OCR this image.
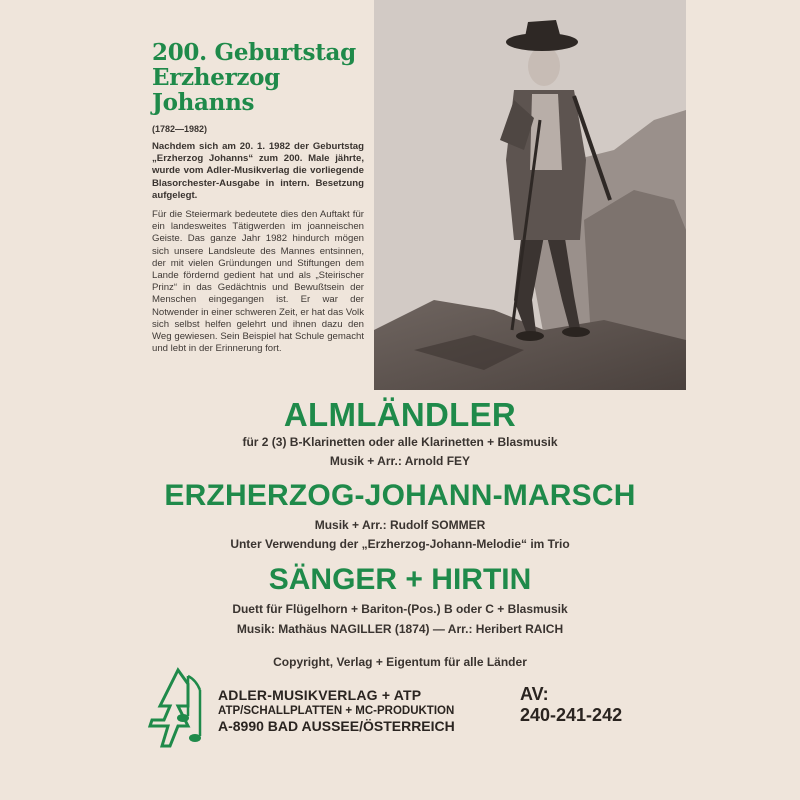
200. Geburtstag
Erzherzog Johanns
(1782—1982)
Nachdem sich am 20. 1. 1982 der Geburtstag „Erzherzog Johanns“ zum 200. Male jährte, wurde vom Adler-Musikverlag die vorliegende Blasorchester-Ausgabe in intern. Besetzung aufgelegt.
Für die Steiermark bedeutete dies den Auftakt für ein landesweites Tätigwerden im joanneischen Geiste. Das ganze Jahr 1982 hindurch mögen sich unsere Landsleute des Mannes entsinnen, der mit vielen Gründungen und Stiftungen dem Lande fördernd gedient hat und als „Steirischer Prinz“ in das Gedächtnis und Bewußtsein der Menschen eingegangen ist. Er war der Notwender in einer schweren Zeit, er hat das Volk sich selbst helfen gelehrt und ihnen dazu den Weg gewiesen. Sein Beispiel hat Schule gemacht und lebt in der Erinnerung fort.
ALMLÄNDLER
für 2 (3) B-Klarinetten oder alle Klarinetten + Blasmusik
Musik + Arr.: Arnold FEY
ERZHERZOG-JOHANN-MARSCH
Musik + Arr.: Rudolf SOMMER
Unter Verwendung der „Erzherzog-Johann-Melodie“ im Trio
SÄNGER + HIRTIN
Duett für Flügelhorn + Bariton-(Pos.) B oder C + Blasmusik
Musik: Mathäus NAGILLER (1874) — Arr.: Heribert RAICH
Copyright, Verlag + Eigentum für alle Länder
ADLER-MUSIKVERLAG + ATP
ATP/SCHALLPLATTEN + MC-PRODUKTION
A-8990 BAD AUSSEE/ÖSTERREICH
AV:
240-241-242
